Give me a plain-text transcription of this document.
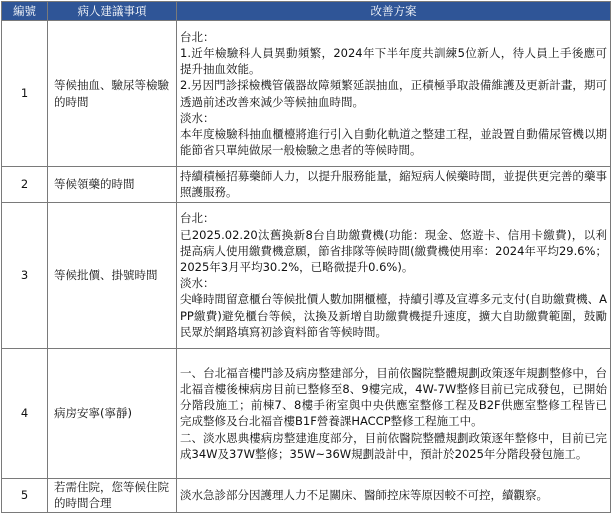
編號	病人建議事項	改善方案
1	等候抽血、驗尿等檢驗的時間	台北：
1.近年檢驗科人員異動頻繁，2024年下半年度共訓練5位新人，待人員上手後應可提升抽血效能。
2.另因門診採檢機管儀器故障頻繁延誤抽血，正積極爭取設備維護及更新計畫，期可透過前述改善來減少等候抽血時間。
淡水：
本年度檢驗科抽血櫃檯將進行引入自動化軌道之整建工程，並設置自動備尿管機以期能節省只單純做尿一般檢驗之患者的等候時間。

2	等候領藥的時間	持續積極招募藥師人力，以提升服務能量，縮短病人候藥時間，並提供更完善的藥事照護服務。

3	等候批價、掛號時間	台北：
已2025.02.20汰舊換新8台自助繳費機(功能：現金、悠遊卡、信用卡繳費)，以利提高病人使用繳費機意願，節省排隊等候時間(繳費機使用率：2024年平均29.6%；2025年3月平均30.2%，已略微提升0.6%)。
淡水：
尖峰時間留意櫃台等候批價人數加開櫃檯，持續引導及宣導多元支付(自助繳費機、APP繳費)避免櫃台等候，汰換及新增自助繳費機提升速度，擴大自助繳費範圍，鼓勵民眾於網路填寫初診資料節省等候時間。

4	病房安寧(寧靜)	一、台北福音樓門診及病房整建部分，目前依醫院整體規劃政策逐年規劃整修中，台北福音樓後棟病房目前已整修至8、9樓完成，4W-7W整修目前已完成發包，已開始分階段施工；前棟7、8樓手術室與中央供應室整修工程及B2F供應室整修工程皆已完成整修及台北福音樓B1F營養課HACCP整修工程施工中。
二、淡水恩典樓病房整建進度部分，目前依醫院整體規劃政策逐年整修中，目前已完成34W及37W整修；35W~36W規劃設計中，預計於2025年分階段發包施工。

5	若需住院，您等候住院的時間合理	淡水急診部分因護理人力不足關床、醫師控床等原因較不可控，續觀察。
